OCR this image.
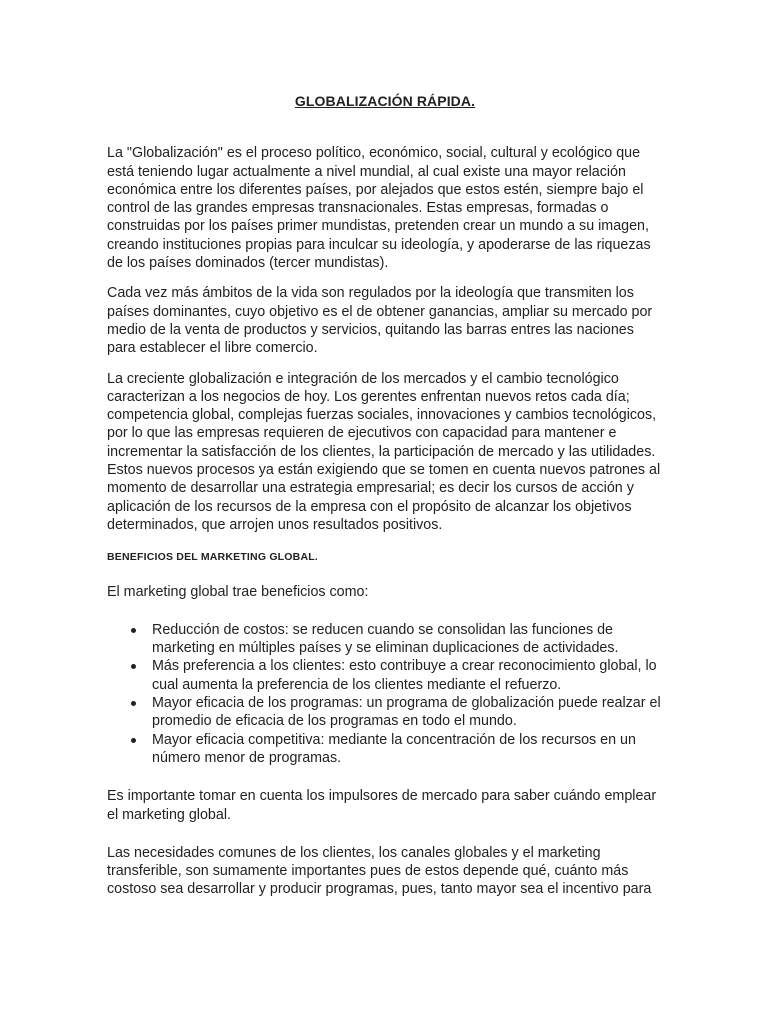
GLOBALIZACIÓN RÁPIDA.

La "Globalización" es el proceso político, económico, social, cultural y ecológico que está teniendo lugar actualmente a nivel mundial, al cual existe una mayor relación económica entre los diferentes países, por alejados que estos estén, siempre bajo el control de las grandes empresas transnacionales. Estas empresas, formadas o construidas por los países primer mundistas, pretenden crear un mundo a su imagen, creando instituciones propias para inculcar su ideología, y apoderarse de las riquezas de los países dominados (tercer mundistas).

Cada vez más ámbitos de la vida son regulados por la ideología que transmiten los países dominantes, cuyo objetivo es el de obtener ganancias, ampliar su mercado por medio de la venta de productos y servicios, quitando las barras entres las naciones para establecer el libre comercio.

La creciente globalización e integración de los mercados y el cambio tecnológico caracterizan a los negocios de hoy. Los gerentes enfrentan nuevos retos cada día; competencia global, complejas fuerzas sociales, innovaciones y cambios tecnológicos, por lo que las empresas requieren de ejecutivos con capacidad para mantener e incrementar la satisfacción de los clientes, la participación de mercado y las utilidades. Estos nuevos procesos ya están exigiendo que se tomen en cuenta nuevos patrones al momento de desarrollar una estrategia empresarial; es decir los cursos de acción y aplicación de los recursos de la empresa con el propósito de alcanzar los objetivos determinados, que arrojen unos resultados positivos.

BENEFICIOS DEL MARKETING GLOBAL.

El marketing global trae beneficios como:

Reducción de costos: se reducen cuando se consolidan las funciones de marketing en múltiples países y se eliminan duplicaciones de actividades.
Más preferencia a los clientes: esto contribuye a crear reconocimiento global, lo cual aumenta la preferencia de los clientes mediante el refuerzo.
Mayor eficacia de los programas: un programa de globalización puede realzar el promedio de eficacia de los programas en todo el mundo.
Mayor eficacia competitiva: mediante la concentración de los recursos en un número menor de programas.

Es importante tomar en cuenta los impulsores de mercado para saber cuándo emplear el marketing global.

Las necesidades comunes de los clientes, los canales globales y el marketing transferible, son sumamente importantes pues de estos depende qué, cuánto más costoso sea desarrollar y producir programas, pues, tanto mayor sea el incentivo para
